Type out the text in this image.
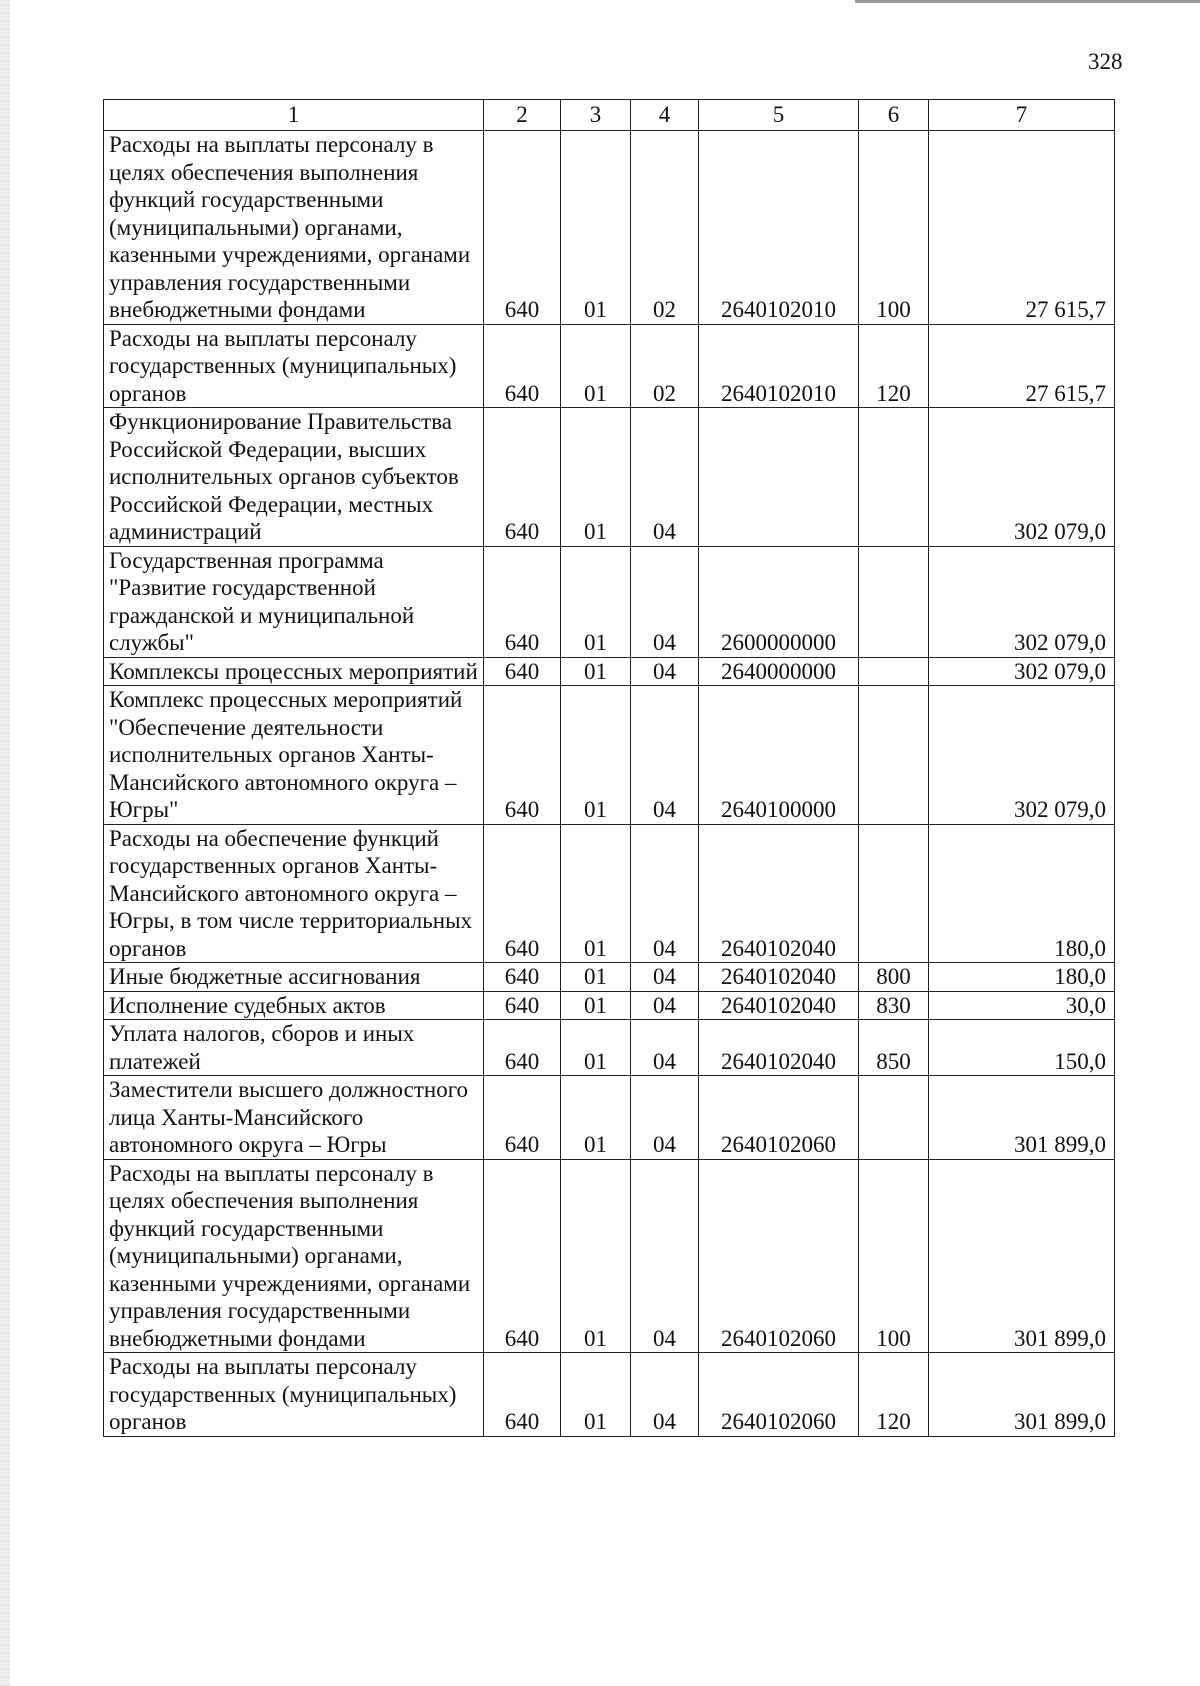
328
1	2	3	4	5	6	7
Расходы на выплаты персоналу в целях обеспечения выполнения функций государственными (муниципальными) органами, казенными учреждениями, органами управления государственными внебюджетными фондами	640	01	02	2640102010	100	27 615,7
Расходы на выплаты персоналу государственных (муниципальных) органов	640	01	02	2640102010	120	27 615,7
Функционирование Правительства Российской Федерации, высших исполнительных органов субъектов Российской Федерации, местных администраций	640	01	04			302 079,0
Государственная программа "Развитие государственной гражданской и муниципальной службы"	640	01	04	2600000000		302 079,0
Комплексы процессных мероприятий	640	01	04	2640000000		302 079,0
Комплекс процессных мероприятий "Обеспечение деятельности исполнительных органов Ханты-Мансийского автономного округа – Югры"	640	01	04	2640100000		302 079,0
Расходы на обеспечение функций государственных органов Ханты-Мансийского автономного округа – Югры, в том числе территориальных органов	640	01	04	2640102040		180,0
Иные бюджетные ассигнования	640	01	04	2640102040	800	180,0
Исполнение судебных актов	640	01	04	2640102040	830	30,0
Уплата налогов, сборов и иных платежей	640	01	04	2640102040	850	150,0
Заместители высшего должностного лица Ханты-Мансийского автономного округа – Югры	640	01	04	2640102060		301 899,0
Расходы на выплаты персоналу в целях обеспечения выполнения функций государственными (муниципальными) органами, казенными учреждениями, органами управления государственными внебюджетными фондами	640	01	04	2640102060	100	301 899,0
Расходы на выплаты персоналу государственных (муниципальных) органов	640	01	04	2640102060	120	301 899,0
